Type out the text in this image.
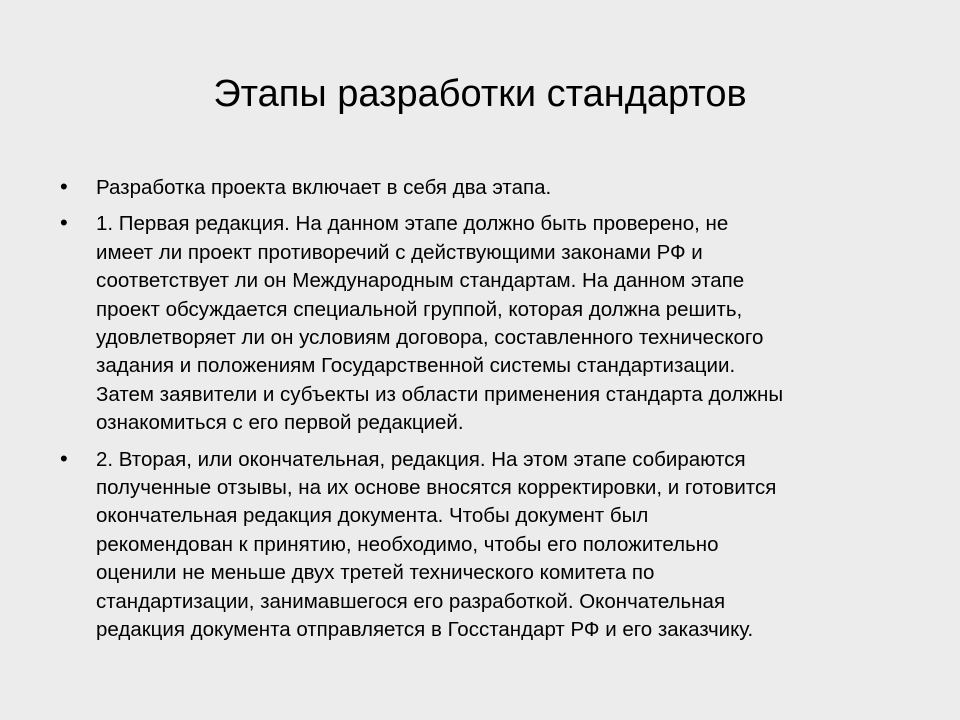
Этапы разработки стандартов
• Разработка проекта включает в себя два этапа.
• 1. Первая редакция. На данном этапе должно быть проверено, не
имеет ли проект противоречий с действующими законами РФ и
соответствует ли он Международным стандартам. На данном этапе
проект обсуждается специальной группой, которая должна решить,
удовлетворяет ли он условиям договора, составленного технического
задания и положениям Государственной системы стандартизации.
Затем заявители и субъекты из области применения стандарта должны
ознакомиться с его первой редакцией.
• 2. Вторая, или окончательная, редакция. На этом этапе собираются
полученные отзывы, на их основе вносятся корректировки, и готовится
окончательная редакция документа. Чтобы документ был
рекомендован к принятию, необходимо, чтобы его положительно
оценили не меньше двух третей технического комитета по
стандартизации, занимавшегося его разработкой. Окончательная
редакция документа отправляется в Госстандарт РФ и его заказчику.
